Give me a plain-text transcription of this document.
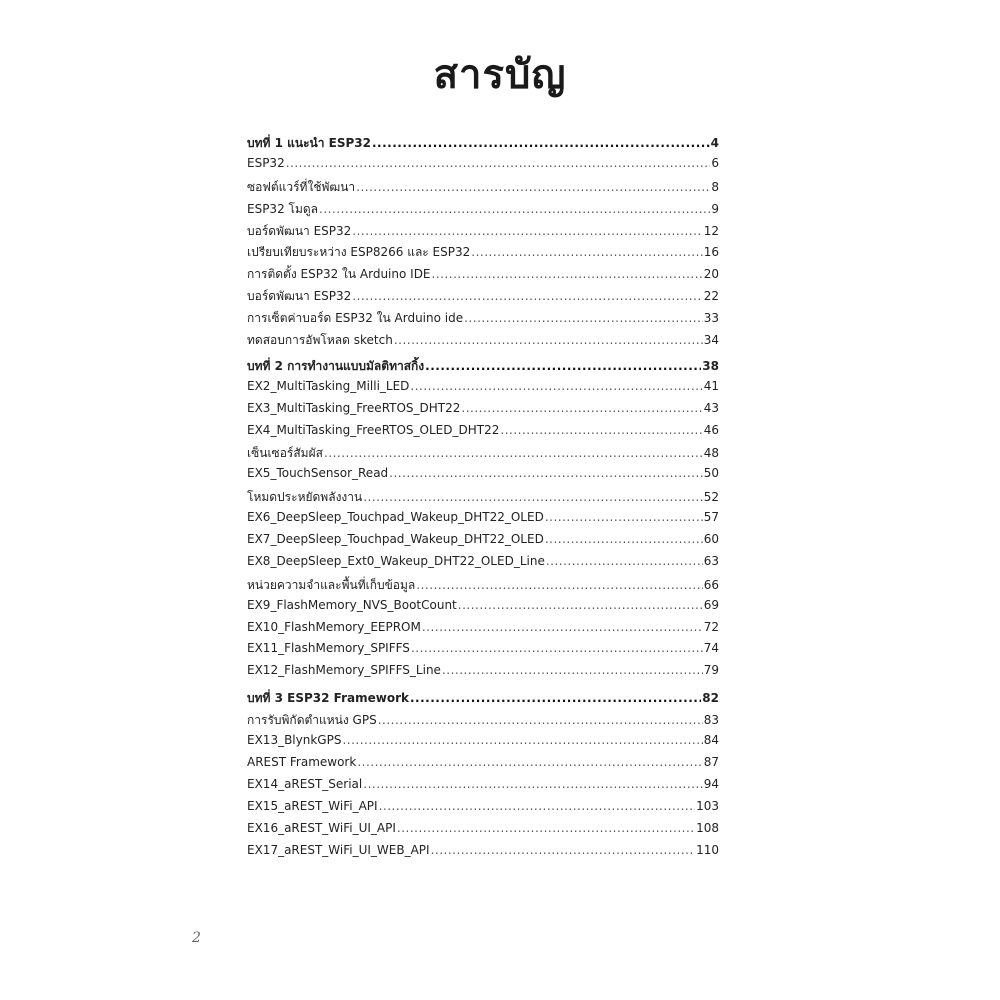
สารบัญ
บทที่ 1 แนะนำ ESP32 .....	4
ESP32 .....	6
ซอฟต์แวร์ที่ใช้พัฒนา .....	8
ESP32 โมดูล .....	9
บอร์ดพัฒนา ESP32 .....	12
เปรียบเทียบระหว่าง ESP8266 และ ESP32 .....	16
การติดตั้ง ESP32 ใน Arduino IDE .....	20
บอร์ดพัฒนา ESP32 .....	22
การเซ็ตค่าบอร์ด ESP32 ใน Arduino ide .....	33
ทดสอบการอัพโหลด sketch .....	34
บทที่ 2 การทำงานแบบมัลติทาสกิ้ง .....	38
EX2_MultiTasking_Milli_LED .....	41
EX3_MultiTasking_FreeRTOS_DHT22 .....	43
EX4_MultiTasking_FreeRTOS_OLED_DHT22 .....	46
เซ็นเซอร์สัมผัส .....	48
EX5_TouchSensor_Read .....	50
โหมดประหยัดพลังงาน .....	52
EX6_DeepSleep_Touchpad_Wakeup_DHT22_OLED .....	57
EX7_DeepSleep_Touchpad_Wakeup_DHT22_OLED .....	60
EX8_DeepSleep_Ext0_Wakeup_DHT22_OLED_Line .....	63
หน่วยความจำและพื้นที่เก็บข้อมูล .....	66
EX9_FlashMemory_NVS_BootCount .....	69
EX10_FlashMemory_EEPROM .....	72
EX11_FlashMemory_SPIFFS .....	74
EX12_FlashMemory_SPIFFS_Line .....	79
บทที่ 3 ESP32 Framework .....	82
การรับพิกัดตำแหน่ง GPS .....	83
EX13_BlynkGPS .....	84
AREST Framework .....	87
EX14_aREST_Serial .....	94
EX15_aREST_WiFi_API .....	103
EX16_aREST_WiFi_UI_API .....	108
EX17_aREST_WiFi_UI_WEB_API .....	110
2
